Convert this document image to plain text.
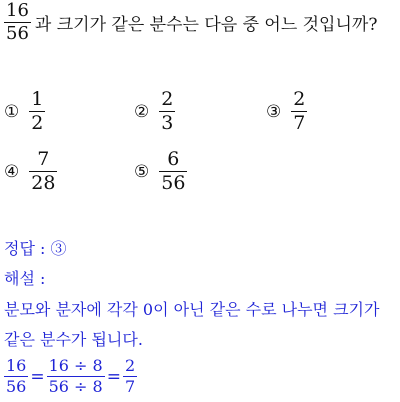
$\frac{16}{56}$ 과 크기가 같은 분수는 다음 중 어느 것입니까?
① $\frac{1}{2}$	② $\frac{2}{3}$	③ $\frac{2}{7}$
④ $\frac{7}{28}$	⑤ $\frac{6}{56}$
정답 : ③
해설 :
분모와 분자에 각각 0이 아닌 같은 수로 나누면 크기가
같은 분수가 됩니다.
$\frac{16}{56} = \frac{16 \div 8}{56 \div 8} = \frac{2}{7}$
